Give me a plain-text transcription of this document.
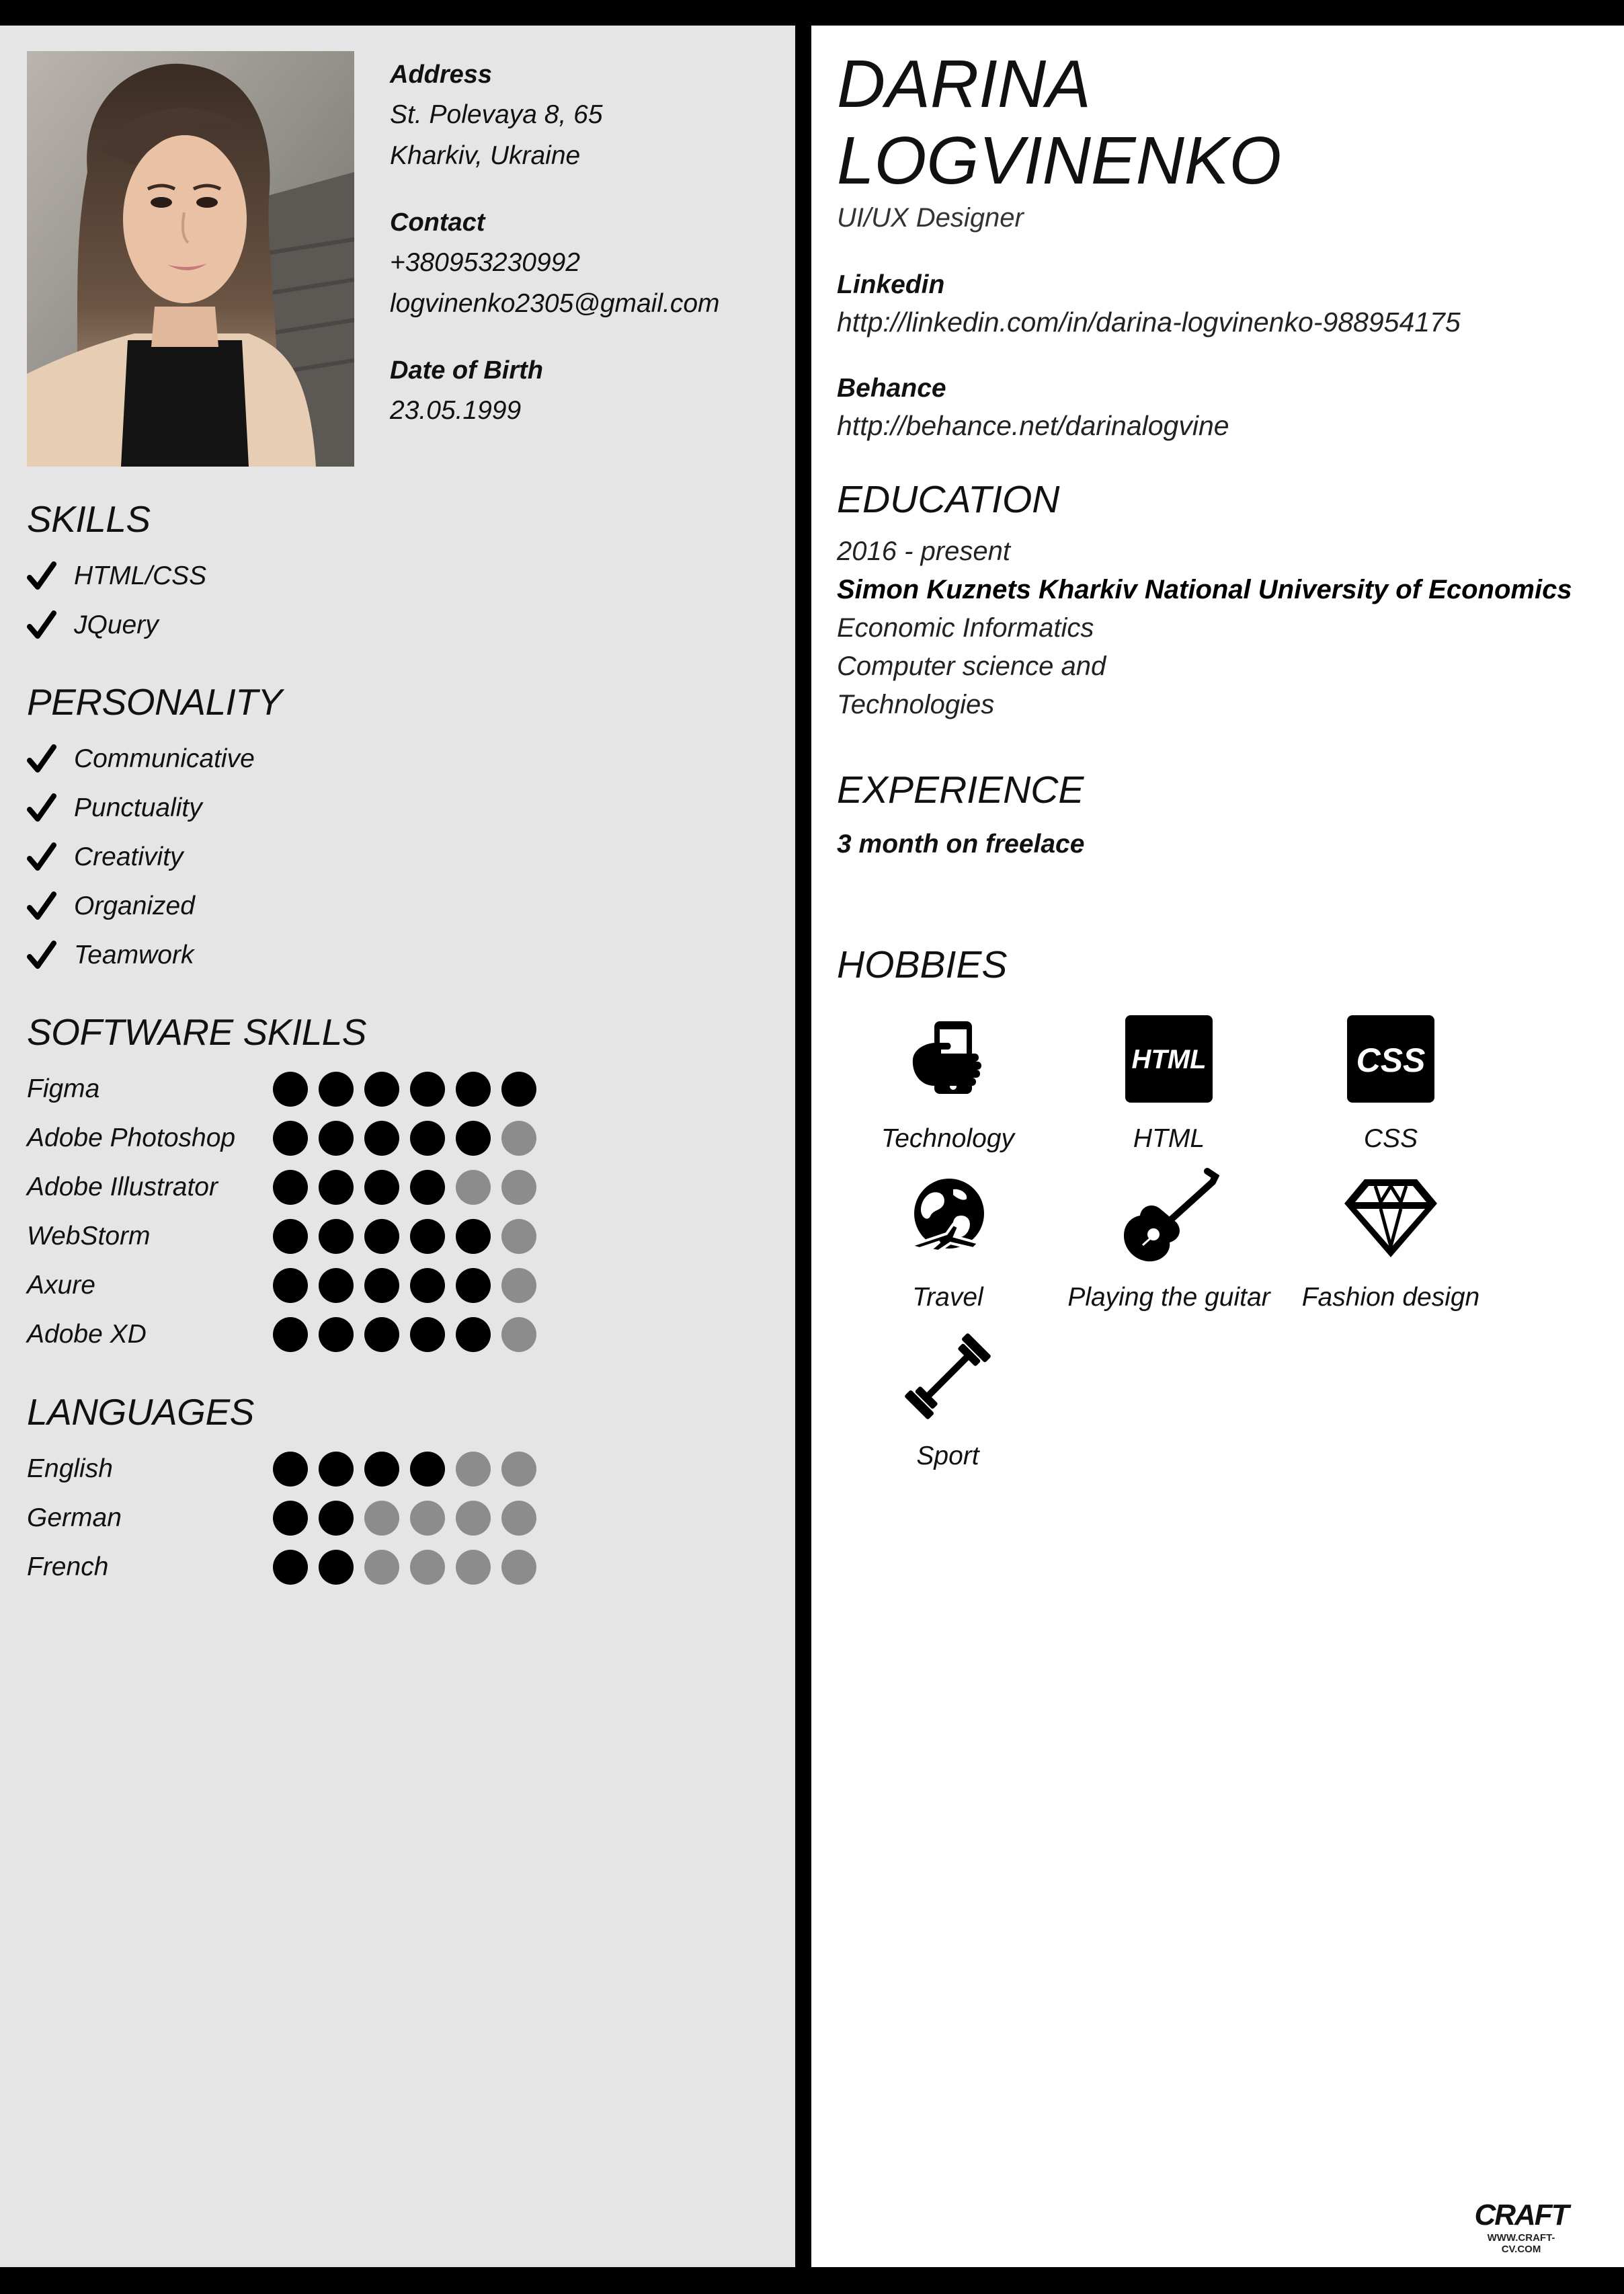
Address
St. Polevaya 8, 65
Kharkiv, Ukraine
Contact
+380953230992
logvinenko2305@gmail.com
Date of Birth
23.05.1999
SKILLS
HTML/CSS
JQuery
PERSONALITY
Communicative
Punctuality
Creativity
Organized
Teamwork
SOFTWARE SKILLS
Figma
Adobe Photoshop
Adobe Illustrator
WebStorm
Axure
Adobe XD
LANGUAGES
English
German
French
DARINA
LOGVINENKO
UI/UX Designer
Linkedin
http://linkedin.com/in/darina-logvinenko-988954175
Behance
http://behance.net/darinalogvine
EDUCATION
2016 - present
Simon Kuznets Kharkiv National University of Economics
Economic Informatics
Computer science and
Technologies
EXPERIENCE
3 month on freelace
HOBBIES
Technology
HTML
HTML
CSS
CSS
Travel	Playing the guitar	Fashion design
Sport
CRAFT
WWW.CRAFT-CV.COM
